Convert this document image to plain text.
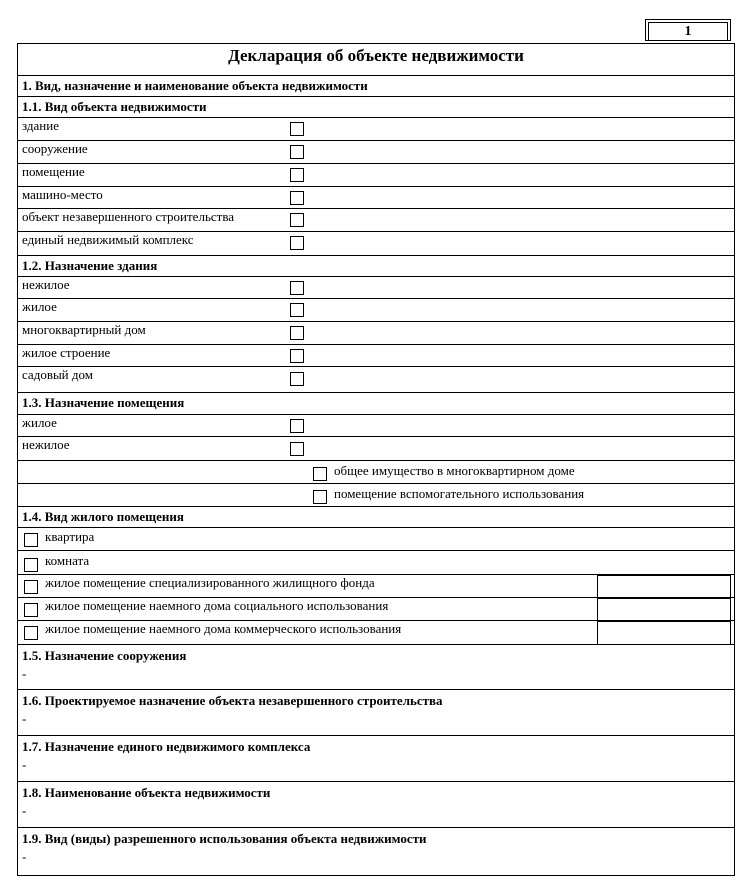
1
Декларация об объекте недвижимости
1. Вид, назначение и наименование объекта недвижимости
1.1. Вид объекта недвижимости
здание
сооружение
помещение
машино-место
объект незавершенного строительства
единый недвижимый комплекс
1.2. Назначение здания
нежилое
жилое
многоквартирный дом
жилое строение
садовый дом
1.3. Назначение помещения
жилое
нежилое
общее имущество в многоквартирном доме
помещение вспомогательного использования
1.4. Вид жилого помещения
квартира
комната
жилое помещение специализированного жилищного фонда
жилое помещение наемного дома социального использования
жилое помещение наемного дома коммерческого использования
1.5. Назначение сооружения
-
1.6. Проектируемое назначение объекта незавершенного строительства
-
1.7. Назначение единого недвижимого комплекса
-
1.8. Наименование объекта недвижимости
-
1.9. Вид (виды) разрешенного использования объекта недвижимости
-
